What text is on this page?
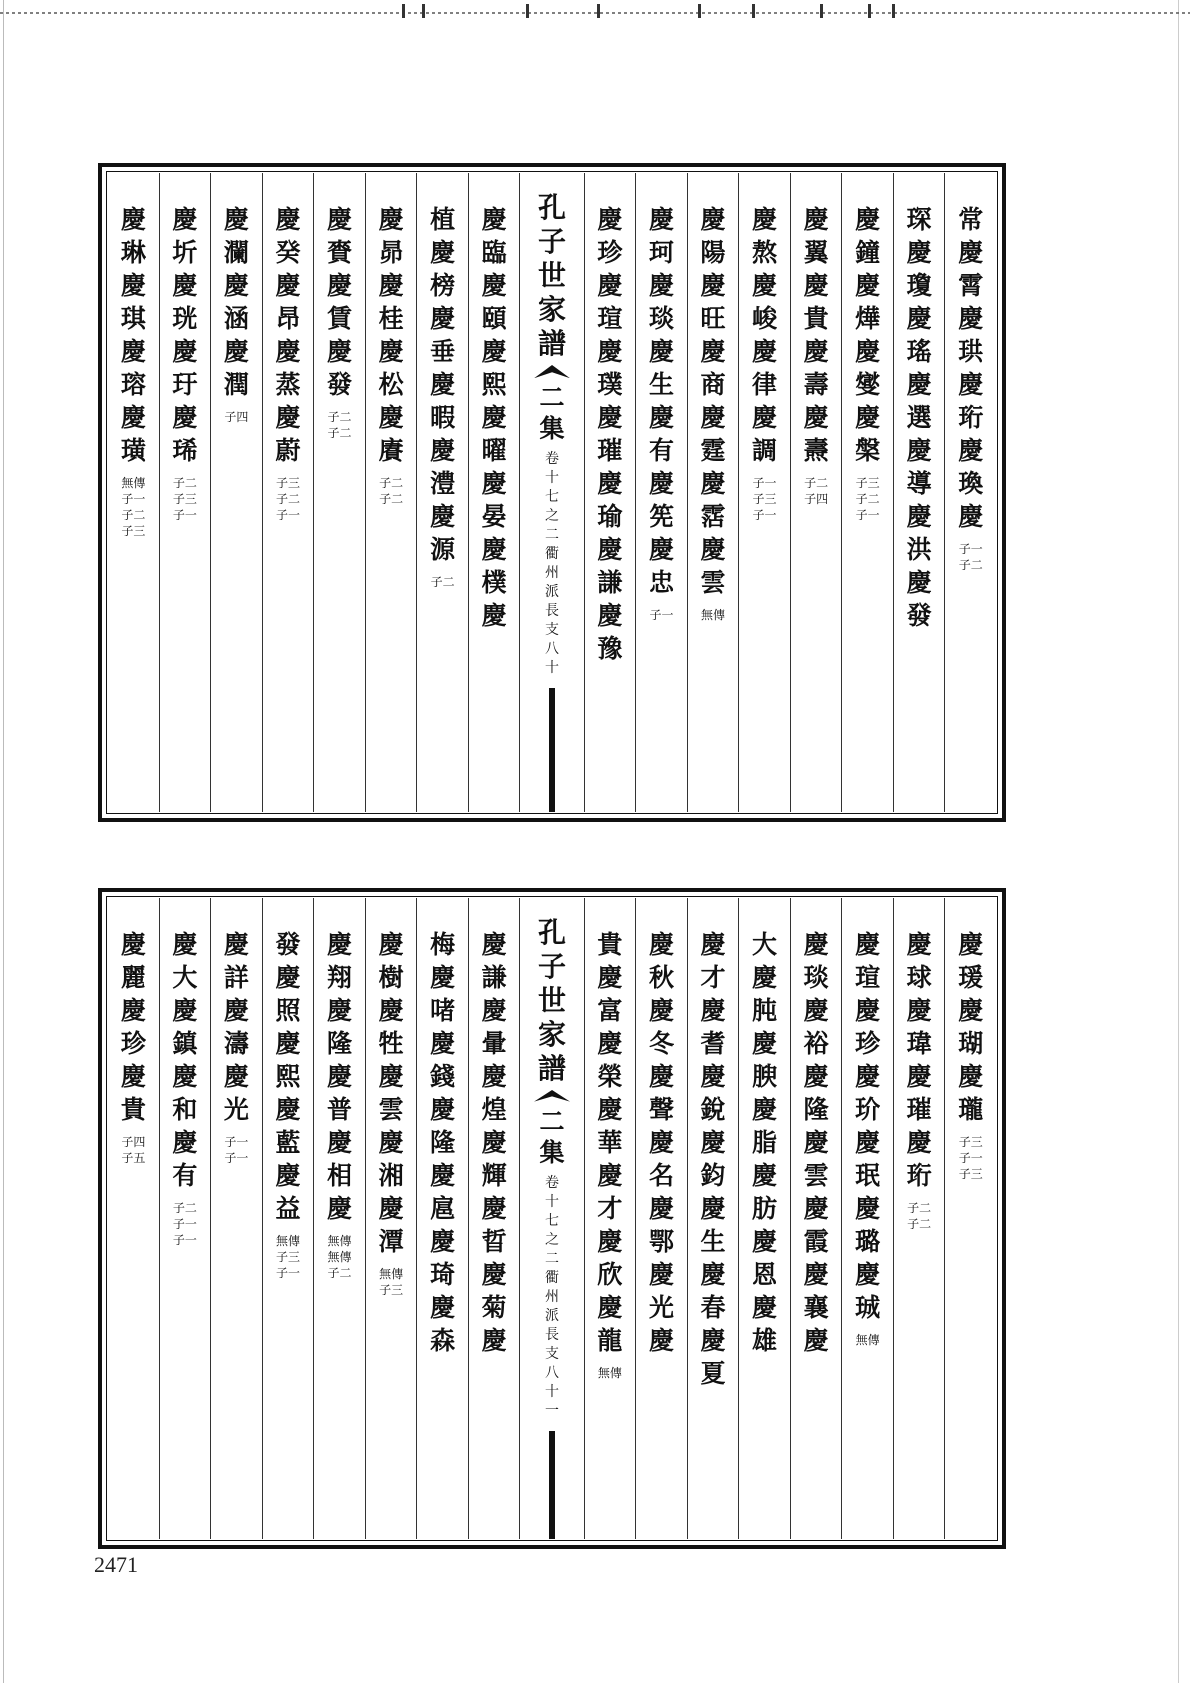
常
慶
霄
慶
珙
慶
珩
慶
瑍
慶
子一
子二
琛
慶
瓊
慶
瑤
慶
選
慶
導
慶
洪
慶
發
慶
鐘
慶
燁
慶
燮
慶
槃
子三
子二
子一
慶
翼
慶
貴
慶
壽
慶
燾
子二
子四
慶
熬
慶
峻
慶
律
慶
調
子一
子三
子一
慶
陽
慶
旺
慶
商
慶
霆
慶
霑
慶
雲
無傳
慶
珂
慶
琰
慶
生
慶
有
慶
筅
慶
忠
子一
慶
珍
慶
瑄
慶
璞
慶
璀
慶
瑜
慶
謙
慶
豫
孔
子
世
家
譜
二
集
卷
十
七
之
二
衢
州
派
長
支
八
十
慶
臨
慶
頤
慶
熙
慶
曜
慶
晏
慶
樸
慶
植
慶
榜
慶
垂
慶
暇
慶
澧
慶
源
子二
慶
昴
慶
桂
慶
松
慶
賡
子二
子二
慶
賚
慶
賃
慶
發
子二
子二
慶
癸
慶
昂
慶
蒸
慶
蔚
子三
子二
子一
慶
瀾
慶
涵
慶
潤
子四
慶
圻
慶
珖
慶
玗
慶
琋
子二
子三
子一
慶
琳
慶
琪
慶
瑢
慶
璜
無傳
子一
子二
子三
慶
瑗
慶
瑚
慶
瓏
子三
子一
子三
慶
球
慶
瑋
慶
璀
慶
珩
子二
子二
慶
瑄
慶
珍
慶
玠
慶
珉
慶
璐
慶
珹
無傳
慶
琰
慶
裕
慶
隆
慶
雲
慶
霞
慶
襄
慶
大
慶
肫
慶
腴
慶
脂
慶
肪
慶
恩
慶
雄
慶
才
慶
耆
慶
銳
慶
鈞
慶
生
慶
春
慶
夏
慶
秋
慶
冬
慶
聲
慶
名
慶
鄂
慶
光
慶
貴
慶
富
慶
榮
慶
華
慶
才
慶
欣
慶
龍
無傳
孔
子
世
家
譜
二
集
卷
十
七
之
二
衢
州
派
長
支
八
十
一
慶
謙
慶
暈
慶
煌
慶
輝
慶
晢
慶
菊
慶
梅
慶
啫
慶
錢
慶
隆
慶
扈
慶
琦
慶
森
慶
樹
慶
牲
慶
雲
慶
湘
慶
潭
無傳
子三
慶
翔
慶
隆
慶
普
慶
相
慶
無傳
無傳
子二
發
慶
照
慶
熙
慶
藍
慶
益
無傳
子三
子一
慶
詳
慶
濤
慶
光
子一
子一
慶
大
慶
鎮
慶
和
慶
有
子二
子一
子一
慶
麗
慶
珍
慶
貴
子四
子五
2471
